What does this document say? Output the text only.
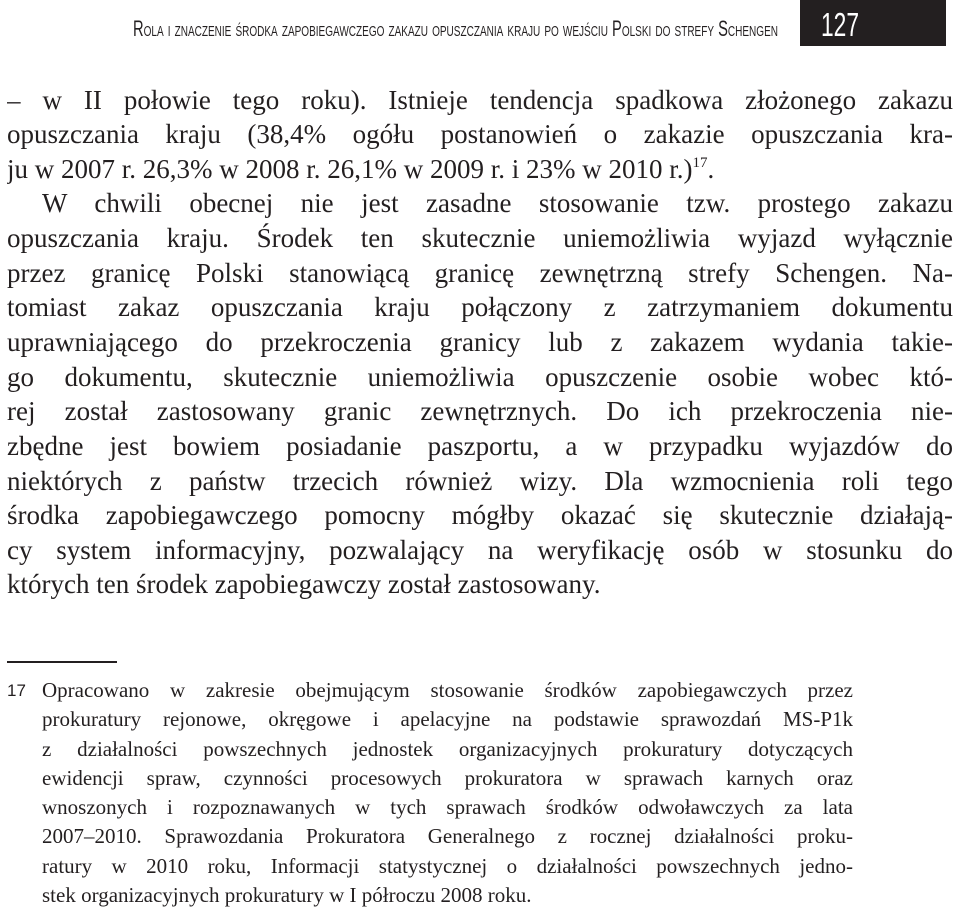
Rola i znaczenie środka zapobiegawczego zakazu opuszczania kraju po wejściu Polski do strefy Schengen 127
– w II połowie tego roku). Istnieje tendencja spadkowa złożonego zakazu
opuszczania kraju (38,4% ogółu postanowień o zakazie opuszczania kra-
ju w 2007 r. 26,3% w 2008 r. 26,1% w 2009 r. i 23% w 2010 r.)$^{17}$.
W chwili obecnej nie jest zasadne stosowanie tzw. prostego zakazu
opuszczania kraju. Środek ten skutecznie uniemożliwia wyjazd wyłącznie
przez granicę Polski stanowiącą granicę zewnętrzną strefy Schengen. Na-
tomiast zakaz opuszczania kraju połączony z zatrzymaniem dokumentu
uprawniającego do przekroczenia granicy lub z zakazem wydania takie-
go dokumentu, skutecznie uniemożliwia opuszczenie osobie wobec któ-
rej został zastosowany granic zewnętrznych. Do ich przekroczenia nie-
zbędne jest bowiem posiadanie paszportu, a w przypadku wyjazdów do
niektórych z państw trzecich również wizy. Dla wzmocnienia roli tego
środka zapobiegawczego pomocny mógłby okazać się skutecznie działają-
cy system informacyjny, pozwalający na weryfikację osób w stosunku do
których ten środek zapobiegawczy został zastosowany.
17 Opracowano w zakresie obejmującym stosowanie środków zapobiegawczych przez
prokuratury rejonowe, okręgowe i apelacyjne na podstawie sprawozdań MS-P1k
z działalności powszechnych jednostek organizacyjnych prokuratury dotyczących
ewidencji spraw, czynności procesowych prokuratora w sprawach karnych oraz
wnoszonych i rozpoznawanych w tych sprawach środków odwoławczych za lata
2007–2010. Sprawozdania Prokuratora Generalnego z rocznej działalności proku-
ratury w 2010 roku, Informacji statystycznej o działalności powszechnych jedno-
stek organizacyjnych prokuratury w I półroczu 2008 roku.
